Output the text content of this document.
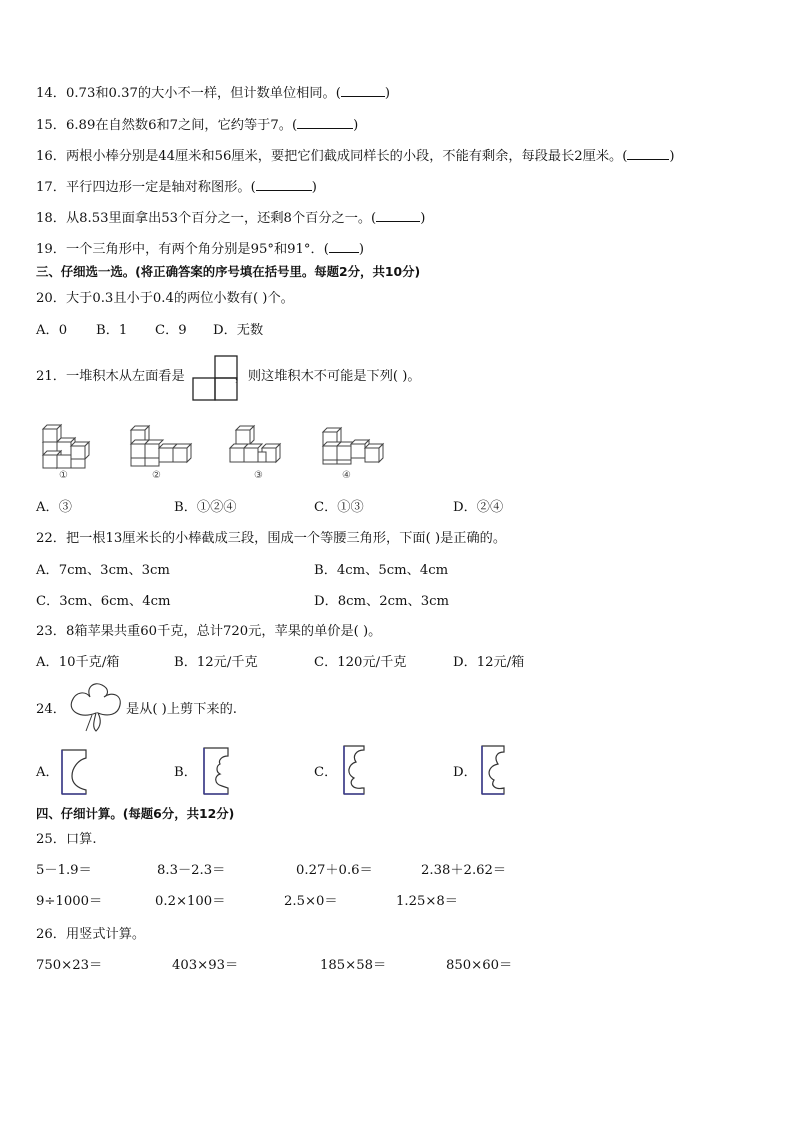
14．0.73和0.37的大小不一样，但计数单位相同。(	)
15．6.89在自然数6和7之间，它约等于7。(	)
16．两根小棒分别是44厘米和56厘米，要把它们截成同样长的小段，不能有剩余，每段最长2厘米。(	)
17．平行四边形一定是轴对称图形。(	)
18．从8.53里面拿出53个百分之一，还剩8个百分之一。(	)
19．一个三角形中，有两个角分别是95°和91°．( )
三、仔细选一选。(将正确答案的序号填在括号里。每题2分，共10分)
20．大于0.3且小于0.4的两位小数有( )个。
A．0 B．1 C．9 D．无数
21．一堆积木从左面看是	，则这堆积木不可能是下列( )。
①	②	③	④
A．③	B．①②④	C．①③	D．②④
22．把一根13厘米长的小棒截成三段，围成一个等腰三角形，下面( )是正确的。
A．7cm、3cm、3cm	B．4cm、5cm、4cm
C．3cm、6cm、4cm	D．8cm、2cm、3cm
23．8箱苹果共重60千克，总计720元，苹果的单价是( )。
A．10千克/箱	B．12元/千克	C．120元/千克	D．12元/箱
24．	是从( )上剪下来的.
A．	B．	C．	D．
四、仔细计算。(每题6分，共12分)
25．口算.
5－1.9＝	8.3－2.3＝	0.27＋0.6＝	2.38＋2.62＝
9÷1000＝	0.2×100＝	2.5×0＝	1.25×8＝
26．用竖式计算。
750×23＝	403×93＝	185×58＝	850×60＝
